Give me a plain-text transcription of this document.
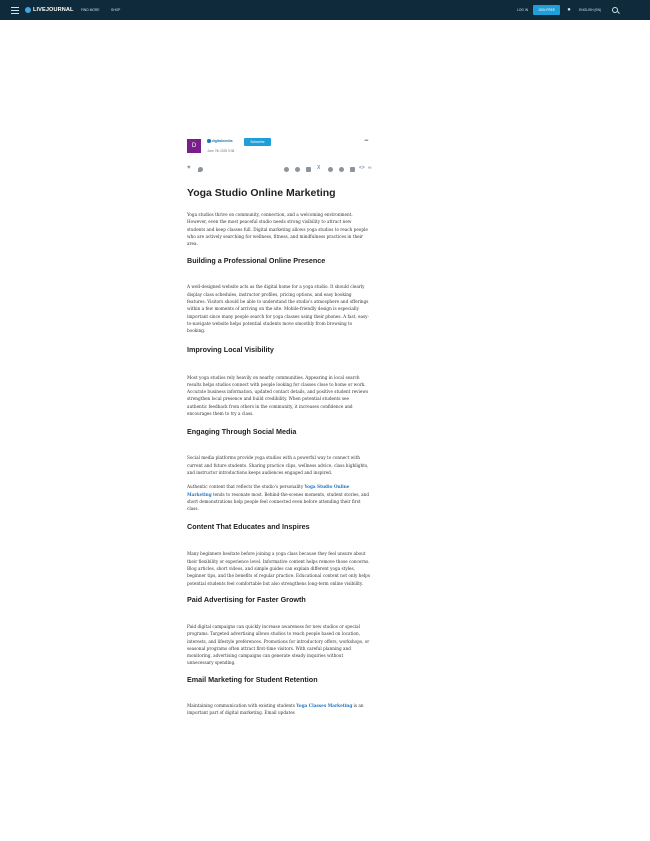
LIVEJOURNAL FIND MORE	SHOP	LOG IN	JOIN FREE	●	ENGLISH (EN)
D
digitalmedia	Subscribe
June 7th 2025 9:38
•••
♥	X	<> ∞
Yoga Studio Online Marketing

Yoga studios thrive on community, connection, and a welcoming environment. However, even the most peaceful studio needs strong visibility to attract new students and keep classes full. Digital marketing allows yoga studios to reach people who are actively searching for wellness, fitness, and mindfulness practices in their area.

Building a Professional Online Presence

A well-designed website acts as the digital home for a yoga studio. It should clearly display class schedules, instructor profiles, pricing options, and easy booking features. Visitors should be able to understand the studio's atmosphere and offerings within a few moments of arriving on the site. Mobile-friendly design is especially important since many people search for yoga classes using their phones. A fast, easy-to-navigate website helps potential students move smoothly from browsing to booking.

Improving Local Visibility

Most yoga studios rely heavily on nearby communities. Appearing in local search results helps studios connect with people looking for classes close to home or work. Accurate business information, updated contact details, and positive student reviews strengthen local presence and build credibility. When potential students see authentic feedback from others in the community, it increases confidence and encourages them to try a class.

Engaging Through Social Media

Social media platforms provide yoga studios with a powerful way to connect with current and future students. Sharing practice clips, wellness advice, class highlights, and instructor introductions keeps audiences engaged and inspired.

Authentic content that reflects the studio's personality Yoga Studio Online Marketing tends to resonate most. Behind-the-scenes moments, student stories, and short demonstrations help people feel connected even before attending their first class.

Content That Educates and Inspires

Many beginners hesitate before joining a yoga class because they feel unsure about their flexibility or experience level. Informative content helps remove those concerns. Blog articles, short videos, and simple guides can explain different yoga styles, beginner tips, and the benefits of regular practice. Educational content not only helps potential students feel comfortable but also strengthens long-term online visibility.

Paid Advertising for Faster Growth

Paid digital campaigns can quickly increase awareness for new studios or special programs. Targeted advertising allows studios to reach people based on location, interests, and lifestyle preferences. Promotions for introductory offers, workshops, or seasonal programs often attract first-time visitors. With careful planning and monitoring, advertising campaigns can generate steady inquiries without unnecessary spending.

Email Marketing for Student Retention

Maintaining communication with existing students Yoga Classes Marketing is an important part of digital marketing. Email updates
